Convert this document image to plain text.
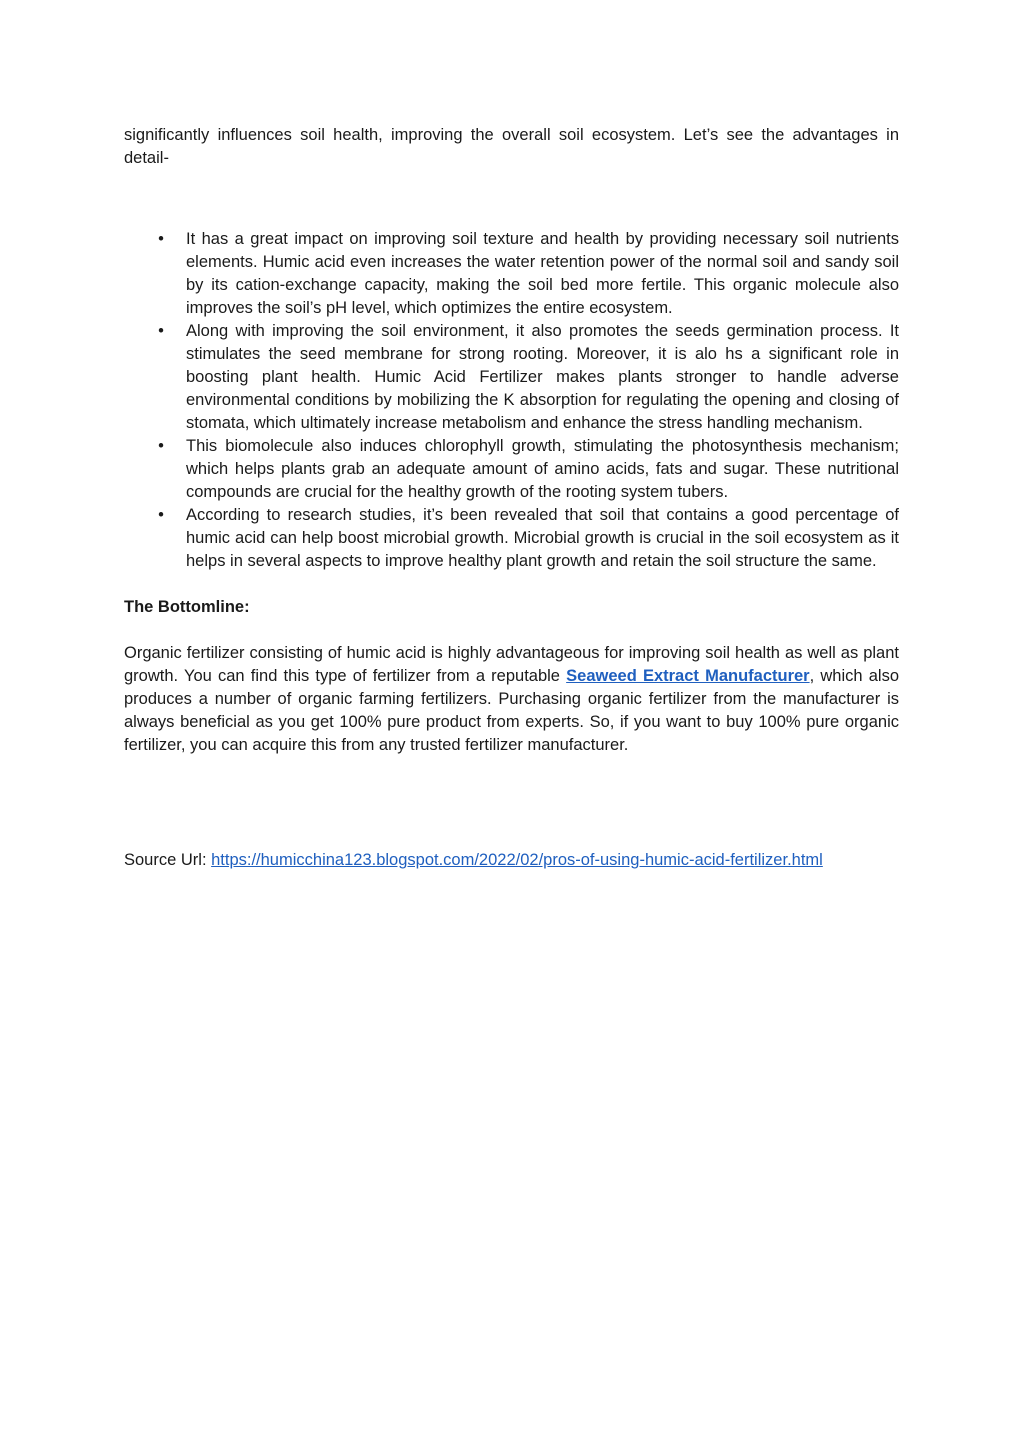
significantly influences soil health, improving the overall soil ecosystem. Let’s see the advantages in detail-

• It has a great impact on improving soil texture and health by providing necessary soil nutrients elements. Humic acid even increases the water retention power of the normal soil and sandy soil by its cation-exchange capacity, making the soil bed more fertile. This organic molecule also improves the soil’s pH level, which optimizes the entire ecosystem.
• Along with improving the soil environment, it also promotes the seeds germination process. It stimulates the seed membrane for strong rooting. Moreover, it is alo hs a significant role in boosting plant health. Humic Acid Fertilizer makes plants stronger to handle adverse environmental conditions by mobilizing the K absorption for regulating the opening and closing of stomata, which ultimately increase metabolism and enhance the stress handling mechanism.
• This biomolecule also induces chlorophyll growth, stimulating the photosynthesis mechanism; which helps plants grab an adequate amount of amino acids, fats and sugar. These nutritional compounds are crucial for the healthy growth of the rooting system tubers.
• According to research studies, it’s been revealed that soil that contains a good percentage of humic acid can help boost microbial growth. Microbial growth is crucial in the soil ecosystem as it helps in several aspects to improve healthy plant growth and retain the soil structure the same.

The Bottomline:

Organic fertilizer consisting of humic acid is highly advantageous for improving soil health as well as plant growth. You can find this type of fertilizer from a reputable Seaweed Extract Manufacturer, which also produces a number of organic farming fertilizers. Purchasing organic fertilizer from the manufacturer is always beneficial as you get 100% pure product from experts. So, if you want to buy 100% pure organic fertilizer, you can acquire this from any trusted fertilizer manufacturer.

Source Url: https://humicchina123.blogspot.com/2022/02/pros-of-using-humic-acid-fertilizer.html
